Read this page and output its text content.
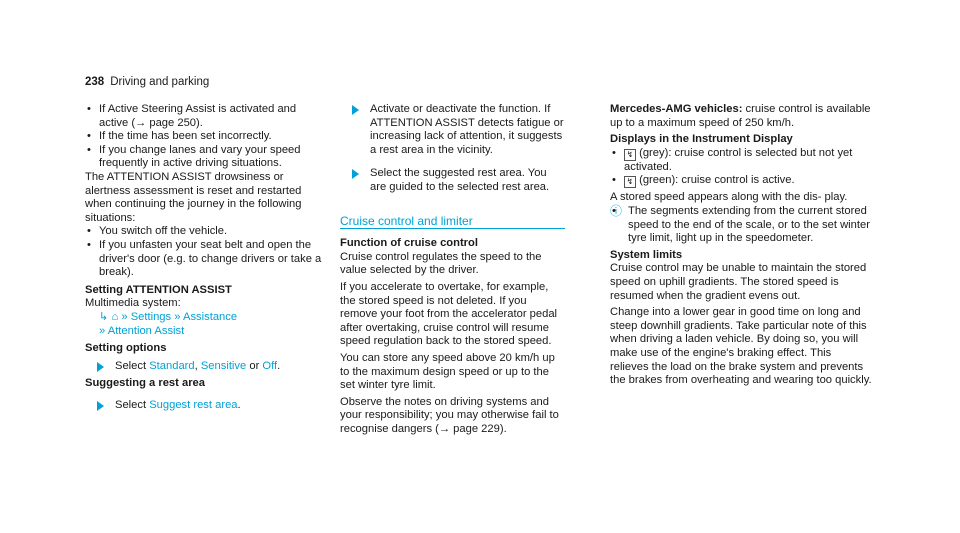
238 Driving and parking
• If Active Steering Assist is activated and active (→ page 250).
• If the time has been set incorrectly.
• If you change lanes and vary your speed frequently in active driving situations.

The ATTENTION ASSIST drowsiness or alertness assessment is reset and restarted when continuing the journey in the following situations:

• You switch off the vehicle.
• If you unfasten your seat belt and open the driver's door (e.g. to change drivers or take a break).
Setting ATTENTION ASSIST
Multimedia system:
↳ ⌂ » Settings » Assistance
» Attention Assist
Setting options
Select Standard, Sensitive or Off.
Suggesting a rest area
Select Suggest rest area.
Activate or deactivate the function. If ATTENTION ASSIST detects fatigue or increasing lack of attention, it suggests a rest area in the vicinity.
Select the suggested rest area. You are guided to the selected rest area.
Cruise control and limiter
Function of cruise control

Cruise control regulates the speed to the value selected by the driver.

If you accelerate to overtake, for example, the stored speed is not deleted. If you remove your foot from the accelerator pedal after overtaking, cruise control will resume speed regulation back to the stored speed.

You can store any speed above 20 km/h up to the maximum design speed or up to the set winter tyre limit.

Observe the notes on driving systems and your responsibility; you may otherwise fail to recognise dangers (→ page 229).

Mercedes-AMG vehicles: cruise control is available up to a maximum speed of 250 km/h.

Displays in the Instrument Display
• ↯ (grey): cruise control is selected but not yet activated.
• ↯ (green): cruise control is active.

A stored speed appears along with the dis- play.

• ⓘ The segments extending from the current stored speed to the end of the scale, or to the set winter tyre limit, light up in the speedometer.
System limits

Cruise control may be unable to maintain the stored speed on uphill gradients. The stored speed is resumed when the gradient evens out.

Change into a lower gear in good time on long and steep downhill gradients. Take particular note of this when driving a laden vehicle. By doing so, you will make use of the engine's braking effect. This relieves the load on the brake system and prevents the brakes from overheating and wearing too quickly.
